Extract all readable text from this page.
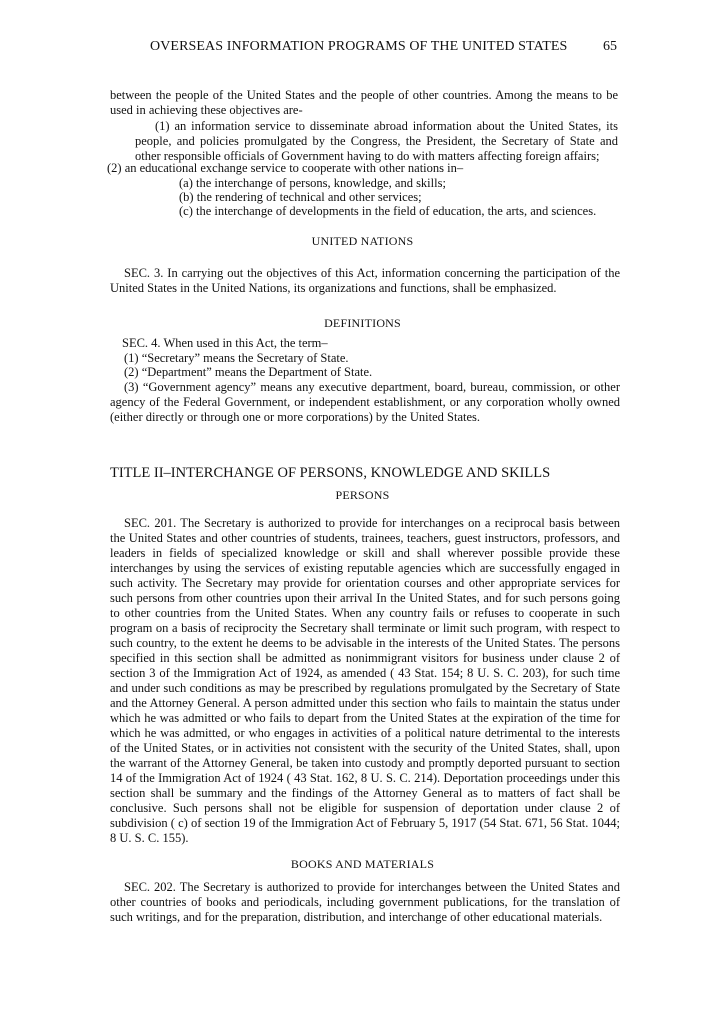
OVERSEAS INFORMATION PROGRAMS OF THE UNITED STATES	65

between the people of the United States and the people of other countries. Among the means to be used in achieving these objectives are-

(1) an information service to disseminate abroad information about the United States, its people, and policies promulgated by the Congress, the President, the Secretary of State and other responsible officials of Government having to do with matters affecting foreign affairs;

(2) an educational exchange service to cooperate with other nations in–

(a) the interchange of persons, knowledge, and skills;

(b) the rendering of technical and other services;

(c) the interchange of developments in the field of education, the arts, and sciences.

UNITED NATIONS

SEC. 3. In carrying out the objectives of this Act, information concerning the participation of the United States in the United Nations, its organizations and functions, shall be emphasized.

DEFINITIONS

SEC. 4. When used in this Act, the term–

(1) “Secretary” means the Secretary of State.

(2) “Department” means the Department of State.

(3) “Government agency” means any executive department, board, bureau, commission, or other agency of the Federal Government, or independent establishment, or any corporation wholly owned (either directly or through one or more corporations) by the United States.

TITLE II–INTERCHANGE OF PERSONS, KNOWLEDGE AND SKILLS

PERSONS

SEC. 201. The Secretary is authorized to provide for interchanges on a reciprocal basis between the United States and other countries of students, trainees, teachers, guest instructors, professors, and leaders in fields of specialized knowledge or skill and shall wherever possible provide these interchanges by using the services of existing reputable agencies which are successfully engaged in such activity. The Secretary may provide for orientation courses and other appropriate services for such persons from other countries upon their arrival In the United States, and for such persons going to other countries from the United States. When any country fails or refuses to cooperate in such program on a basis of reciprocity the Secretary shall terminate or limit such program, with respect to such country, to the extent he deems to be advisable in the interests of the United States. The persons specified in this section shall be admitted as nonimmigrant visitors for business under clause 2 of section 3 of the Immigration Act of 1924, as amended ( 43 Stat. 154; 8 U. S. C. 203), for such time and under such conditions as may be prescribed by regulations promulgated by the Secretary of State and the Attorney General. A person admitted under this section who fails to maintain the status under which he was admitted or who fails to depart from the United States at the expiration of the time for which he was admitted, or who engages in activities of a political nature detrimental to the interests of the United States, or in activities not consistent with the security of the United States, shall, upon the warrant of the Attorney General, be taken into custody and promptly deported pursuant to section 14 of the Immigration Act of 1924 ( 43 Stat. 162, 8 U. S. C. 214). Deportation proceedings under this section shall be summary and the findings of the Attorney General as to matters of fact shall be conclusive. Such persons shall not be eligible for suspension of deportation under clause 2 of subdivision ( c) of section 19 of the Immigration Act of February 5, 1917 (54 Stat. 671, 56 Stat. 1044; 8 U. S. C. 155).

BOOKS AND MATERIALS

SEC. 202. The Secretary is authorized to provide for interchanges between the United States and other countries of books and periodicals, including government publications, for the translation of such writings, and for the preparation, distribution, and interchange of other educational materials.
